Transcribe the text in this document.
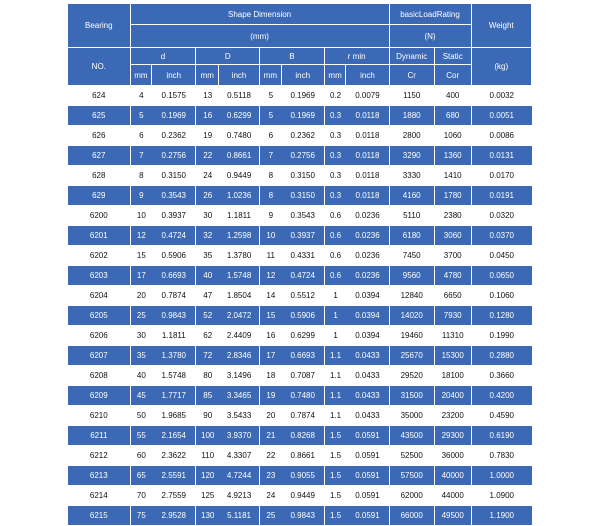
Bearing	Shape Dimension								basicLoadRating		Weight
	(mm)								(N)		
NO.	d		D		B		r min		Dynamic	Static	(kg)
	mm	inch	mm	inch	mm	inch	mm	inch	Cr	Cor	
624	4	0.1575	13	0.5118	5	0.1969	0.2	0.0079	1150	400	0.0032
625	5	0.1969	16	0.6299	5	0.1969	0.3	0.0118	1880	680	0.0051
626	6	0.2362	19	0.7480	6	0.2362	0.3	0.0118	2800	1060	0.0086
627	7	0.2756	22	0.8661	7	0.2756	0.3	0.0118	3290	1360	0.0131
628	8	0.3150	24	0.9449	8	0.3150	0.3	0.0118	3330	1410	0.0170
629	9	0.3543	26	1.0236	8	0.3150	0.3	0.0118	4160	1780	0.0191
6200	10	0.3937	30	1.1811	9	0.3543	0.6	0.0236	5110	2380	0.0320
6201	12	0.4724	32	1.2598	10	0.3937	0.6	0.0236	6180	3060	0.0370
6202	15	0.5906	35	1.3780	11	0.4331	0.6	0.0236	7450	3700	0.0450
6203	17	0.6693	40	1.5748	12	0.4724	0.6	0.0236	9560	4780	0.0650
6204	20	0.7874	47	1.8504	14	0.5512	1	0.0394	12840	6650	0.1060
6205	25	0.9843	52	2.0472	15	0.5906	1	0.0394	14020	7930	0.1280
6206	30	1.1811	62	2.4409	16	0.6299	1	0.0394	19460	11310	0.1990
6207	35	1.3780	72	2.8346	17	0.6693	1.1	0.0433	25670	15300	0.2880
6208	40	1.5748	80	3.1496	18	0.7087	1.1	0.0433	29520	18100	0.3660
6209	45	1.7717	85	3.3465	19	0.7480	1.1	0.0433	31500	20400	0.4200
6210	50	1.9685	90	3.5433	20	0.7874	1.1	0.0433	35000	23200	0.4590
6211	55	2.1654	100	3.9370	21	0.8268	1.5	0.0591	43500	29300	0.6190
6212	60	2.3622	110	4.3307	22	0.8661	1.5	0.0591	52500	36000	0.7830
6213	65	2.5591	120	4.7244	23	0.9055	1.5	0.0591	57500	40000	1.0000
6214	70	2.7559	125	4.9213	24	0.9449	1.5	0.0591	62000	44000	1.0900
6215	75	2.9528	130	5.1181	25	0.9843	1.5	0.0591	66000	49500	1.1900
